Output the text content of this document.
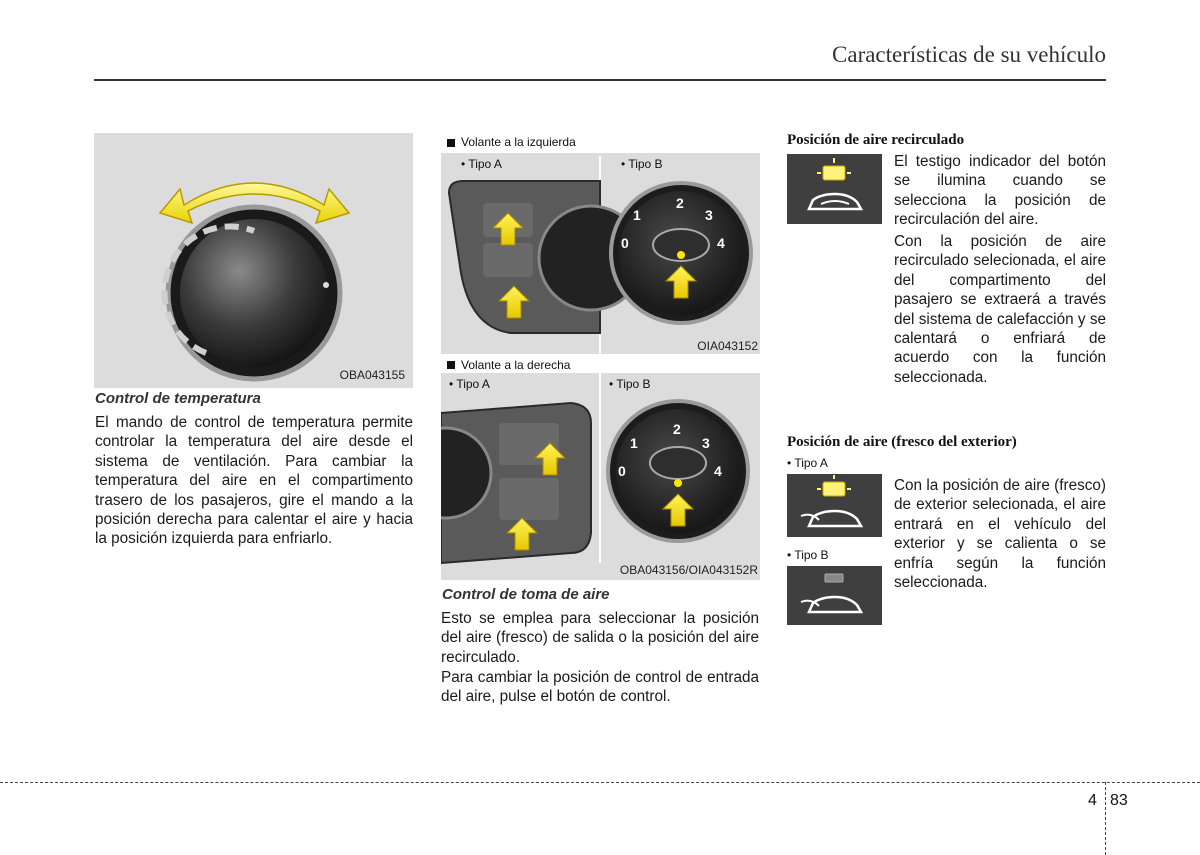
Características de su vehículo
OBA043155
Control de temperatura
El mando de control de temperatura permite controlar la temperatura del aire desde el sistema de ventilación. Para cambiar la temperatura del aire en el compartimento trasero de los pasajeros, gire el mando a la posición derecha para calentar el aire y hacia la posición izquierda para enfriarlo.
Volante a la izquierda
• Tipo A	• Tipo B
OIA043152
Volante a la derecha
• Tipo A	• Tipo B
OBA043156/OIA043152R
0
1
2
3
4
0
1
2
3
4
Control de toma de aire
Esto se emplea para seleccionar la posición del aire (fresco) de salida o la posición del aire recirculado.
Para cambiar la posición de control de entrada del aire, pulse el botón de control.
Posición de aire recirculado
El testigo indicador del botón se ilumina cuando se selecciona la posición de recirculación del aire.
Con la posición de aire recirculado selecionada, el aire del compartimento del pasajero se extraerá a través del sistema de calefacción y se calentará o enfriará de acuerdo con la función seleccionada.
Posición de aire (fresco del exterior)
• Tipo A
• Tipo B
Con la posición de aire (fresco) de exterior selecionada, el aire entrará en el vehículo del exterior y se calienta o se enfría según la función seleccionada.
4 83
